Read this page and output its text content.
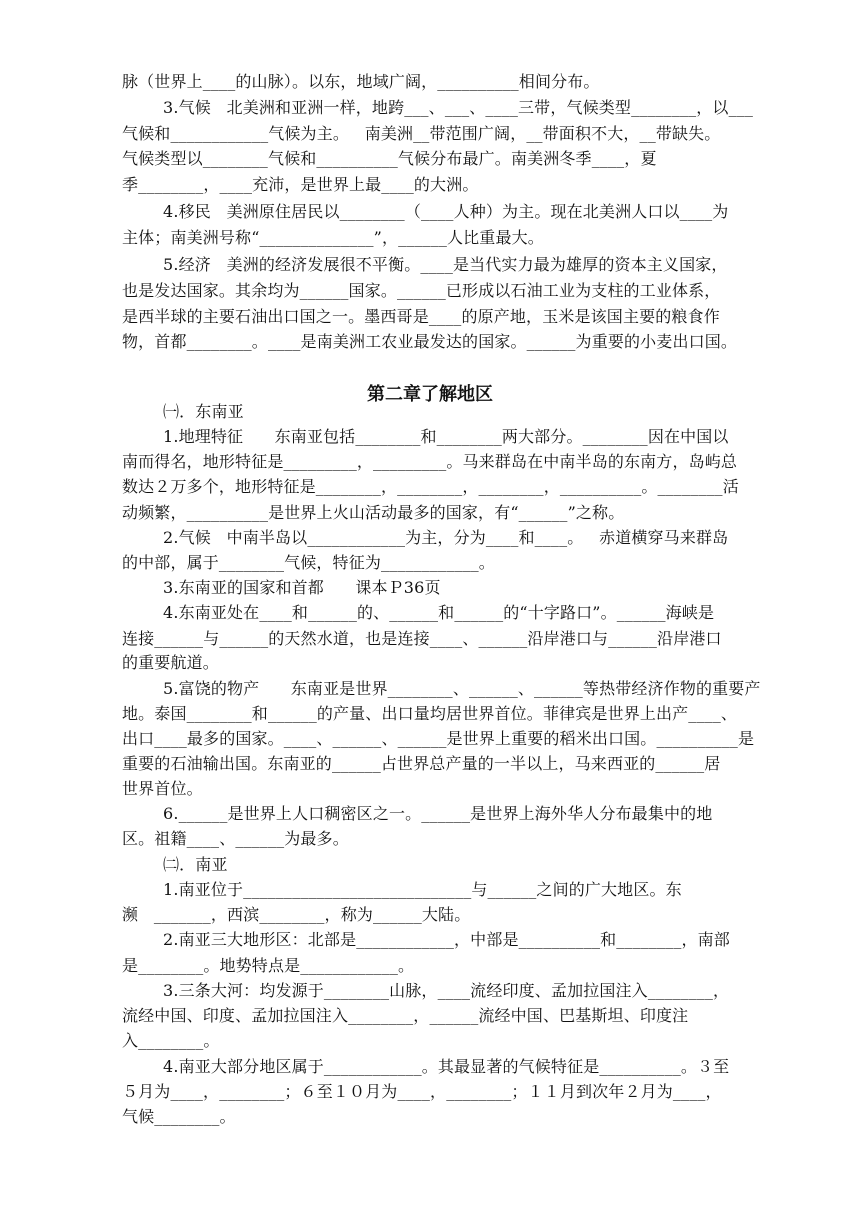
第二章了解地区
脉（世界上____的山脉）。以东，地域广阔，__________相间分布。
3.气候   北美洲和亚洲一样，地跨___、___、____三带，气候类型________，以___
气候和____________气候为主。   南美洲__带范围广阔，__带面积不大，__带缺失。
气候类型以________气候和__________气候分布最广。南美洲冬季____，夏
季________，____充沛，是世界上最____的大洲。
4.移民   美洲原住居民以________（____人种）为主。现在北美洲人口以____为
主体；南美洲号称“______________”，______人比重最大。
5.经济   美洲的经济发展很不平衡。____是当代实力最为雄厚的资本主义国家，
也是发达国家。其余均为______国家。______已形成以石油工业为支柱的工业体系，
是西半球的主要石油出口国之一。墨西哥是____的原产地，玉米是该国主要的粮食作
物，首都________。____是南美洲工农业最发达的国家。______为重要的小麦出口国。
㈠．东南亚
1.地理特征      东南亚包括________和________两大部分。________因在中国以
南而得名，地形特征是_________，_________。马来群岛在中南半岛的东南方，岛屿总
数达２万多个，地形特征是________，________，________，__________。________活
动频繁，__________是世界上火山活动最多的国家，有“______”之称。
2.气候   中南半岛以____________为主，分为____和____。   赤道横穿马来群岛
的中部，属于________气候，特征为____________。
3.东南亚的国家和首都      课本Ｐ36页
4.东南亚处在____和______的、______和______的“十字路口”。______海峡是
连接______与______的天然水道，也是连接____、______沿岸港口与______沿岸港口
的重要航道。
5.富饶的物产      东南亚是世界________、______、______等热带经济作物的重要产
地。泰国________和______的产量、出口量均居世界首位。菲律宾是世界上出产____、
出口____最多的国家。____、______、______是世界上重要的稻米出口国。__________是
重要的石油输出国。东南亚的______占世界总产量的一半以上，马来西亚的______居
世界首位。
6.______是世界上人口稠密区之一。______是世界上海外华人分布最集中的地
区。祖籍____、______为最多。
㈡．南亚
1.南亚位于____________________________与______之间的广大地区。东
濒   _______，西滨________，称为______大陆。
2.南亚三大地形区：北部是____________，中部是__________和________，南部
是________。地势特点是____________。
3.三条大河：均发源于________山脉，____流经印度、孟加拉国注入________，
流经中国、印度、孟加拉国注入________，______流经中国、巴基斯坦、印度注
入________。
4.南亚大部分地区属于____________。其最显著的气候特征是__________。３至
５月为____，________；６至１０月为____，________；１１月到次年２月为____，
气候________。
